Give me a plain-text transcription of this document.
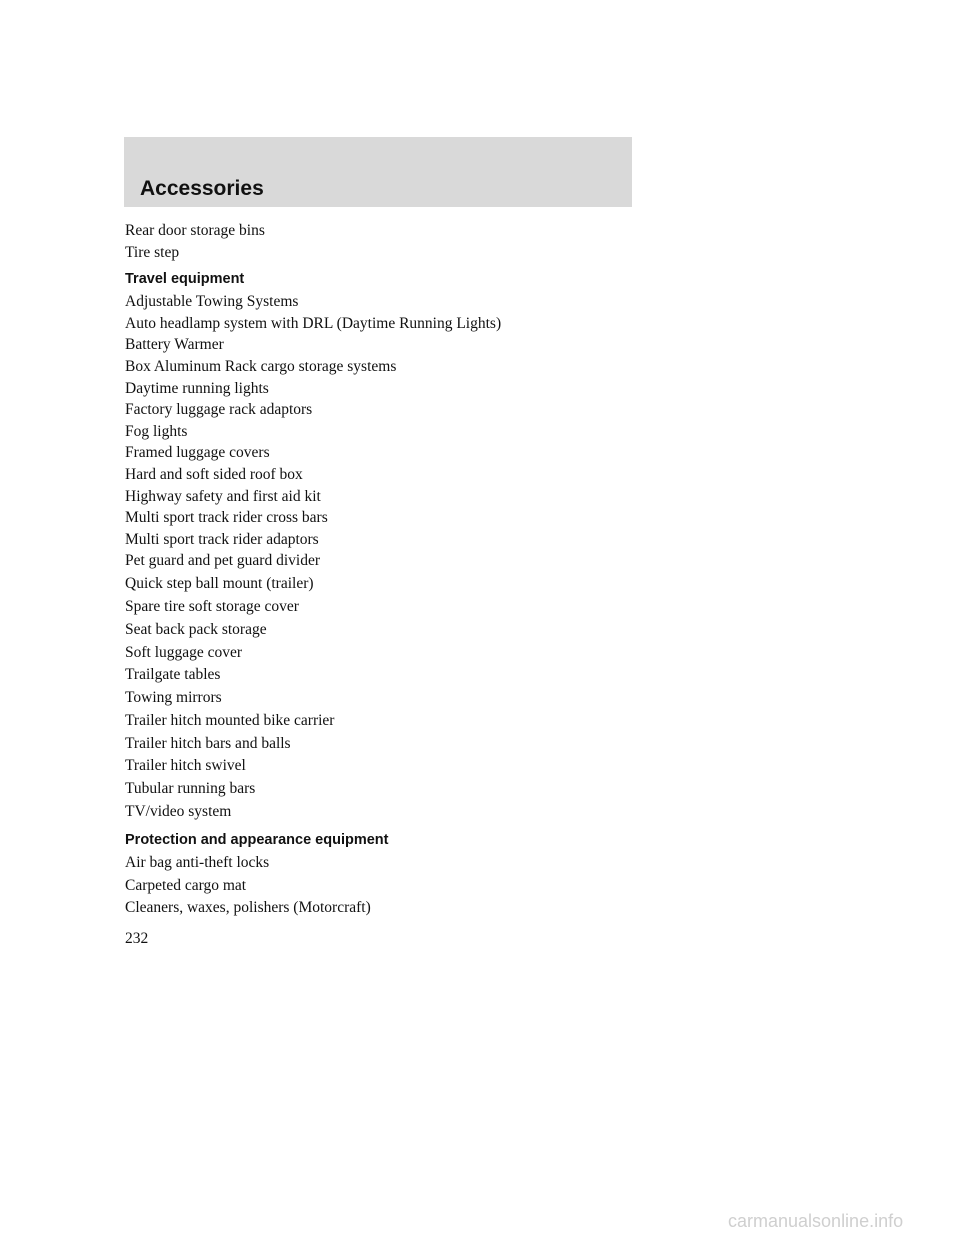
Accessories
Rear door storage bins
Tire step
Travel equipment
Adjustable Towing Systems
Auto headlamp system with DRL (Daytime Running Lights)
Battery Warmer
Box Aluminum Rack cargo storage systems
Daytime running lights
Factory luggage rack adaptors
Fog lights
Framed luggage covers
Hard and soft sided roof box
Highway safety and first aid kit
Multi sport track rider cross bars
Multi sport track rider adaptors
Pet guard and pet guard divider
Quick step ball mount (trailer)
Spare tire soft storage cover
Seat back pack storage
Soft luggage cover
Trailgate tables
Towing mirrors
Trailer hitch mounted bike carrier
Trailer hitch bars and balls
Trailer hitch swivel
Tubular running bars
TV/video system
Protection and appearance equipment
Air bag anti-theft locks
Carpeted cargo mat
Cleaners, waxes, polishers (Motorcraft)
232
carmanualsonline.info
